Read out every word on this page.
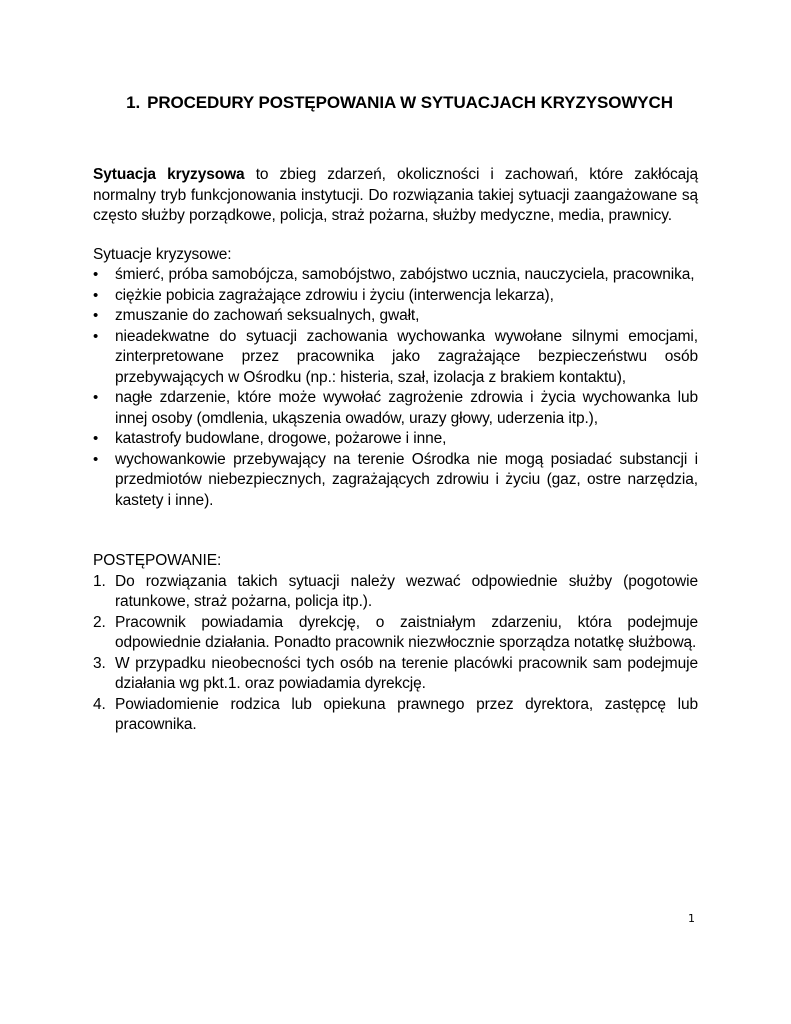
1. PROCEDURY POSTĘPOWANIA W SYTUACJACH KRYZYSOWYCH

Sytuacja kryzysowa to zbieg zdarzeń, okoliczności i zachowań, które zakłócają normalny tryb funkcjonowania instytucji. Do rozwiązania takiej sytuacji zaangażowane są często służby porządkowe, policja, straż pożarna, służby medyczne, media, prawnicy.

Sytuacje kryzysowe:

•	śmierć, próba samobójcza, samobójstwo, zabójstwo ucznia, nauczyciela, pracownika,
•	ciężkie pobicia zagrażające zdrowiu i życiu (interwencja lekarza),
•	zmuszanie do zachowań seksualnych, gwałt,
•	nieadekwatne do sytuacji zachowania wychowanka wywołane silnymi emocjami, zinterpretowane przez pracownika jako zagrażające bezpieczeństwu osób przebywających w Ośrodku (np.: histeria, szał, izolacja z brakiem kontaktu),
•	nagłe zdarzenie, które może wywołać zagrożenie zdrowia i życia wychowanka lub innej osoby (omdlenia, ukąszenia owadów, urazy głowy, uderzenia itp.),
•	katastrofy budowlane, drogowe, pożarowe i inne,
•	wychowankowie przebywający na terenie Ośrodka nie mogą posiadać substancji i przedmiotów niebezpiecznych, zagrażających zdrowiu i życiu (gaz, ostre narzędzia, kastety i inne).

POSTĘPOWANIE:

1. Do rozwiązania takich sytuacji należy wezwać odpowiednie służby (pogotowie ratunkowe, straż pożarna, policja itp.).
2. Pracownik powiadamia dyrekcję, o zaistniałym zdarzeniu, która podejmuje odpowiednie działania. Ponadto pracownik niezwłocznie sporządza notatkę służbową.
3. W przypadku nieobecności tych osób na terenie placówki pracownik sam podejmuje działania wg pkt.1. oraz powiadamia dyrekcję.
4. Powiadomienie rodzica lub opiekuna prawnego przez dyrektora, zastępcę lub pracownika.
1
